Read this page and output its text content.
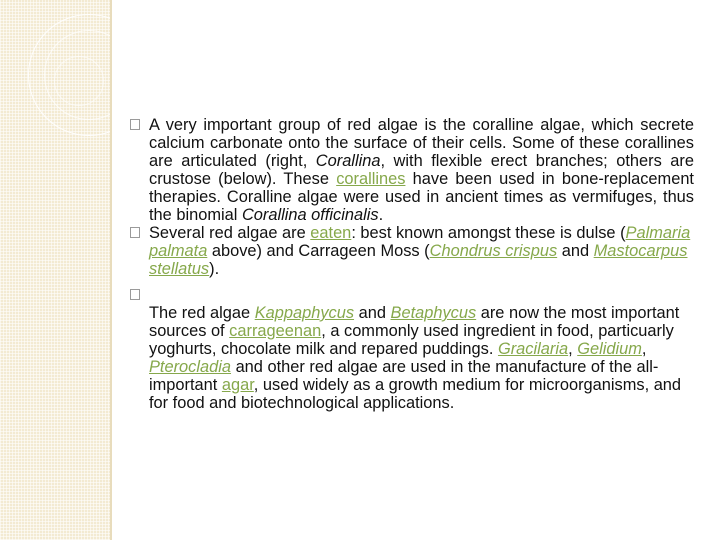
A very important group of red algae is the coralline algae, which secrete calcium carbonate onto the surface of their cells. Some of these corallines are articulated (right, Corallina, with flexible erect branches; others are crustose (below). These corallines have been used in bone-replacement therapies. Coralline algae were used in ancient times as vermifuges, thus the binomial Corallina officinalis.

Several red algae are eaten: best known amongst these is dulse (Palmaria palmata above) and Carrageen Moss (Chondrus crispus and Mastocarpus stellatus).

The red algae Kappaphycus and Betaphycus are now the most important sources of carrageenan, a commonly used ingredient in food, particuarly yoghurts, chocolate milk and repared puddings. Gracilaria, Gelidium, Pterocladia and other red algae are used in the manufacture of the all-important agar, used widely as a growth medium for microorganisms, and for food and biotechnological applications.
